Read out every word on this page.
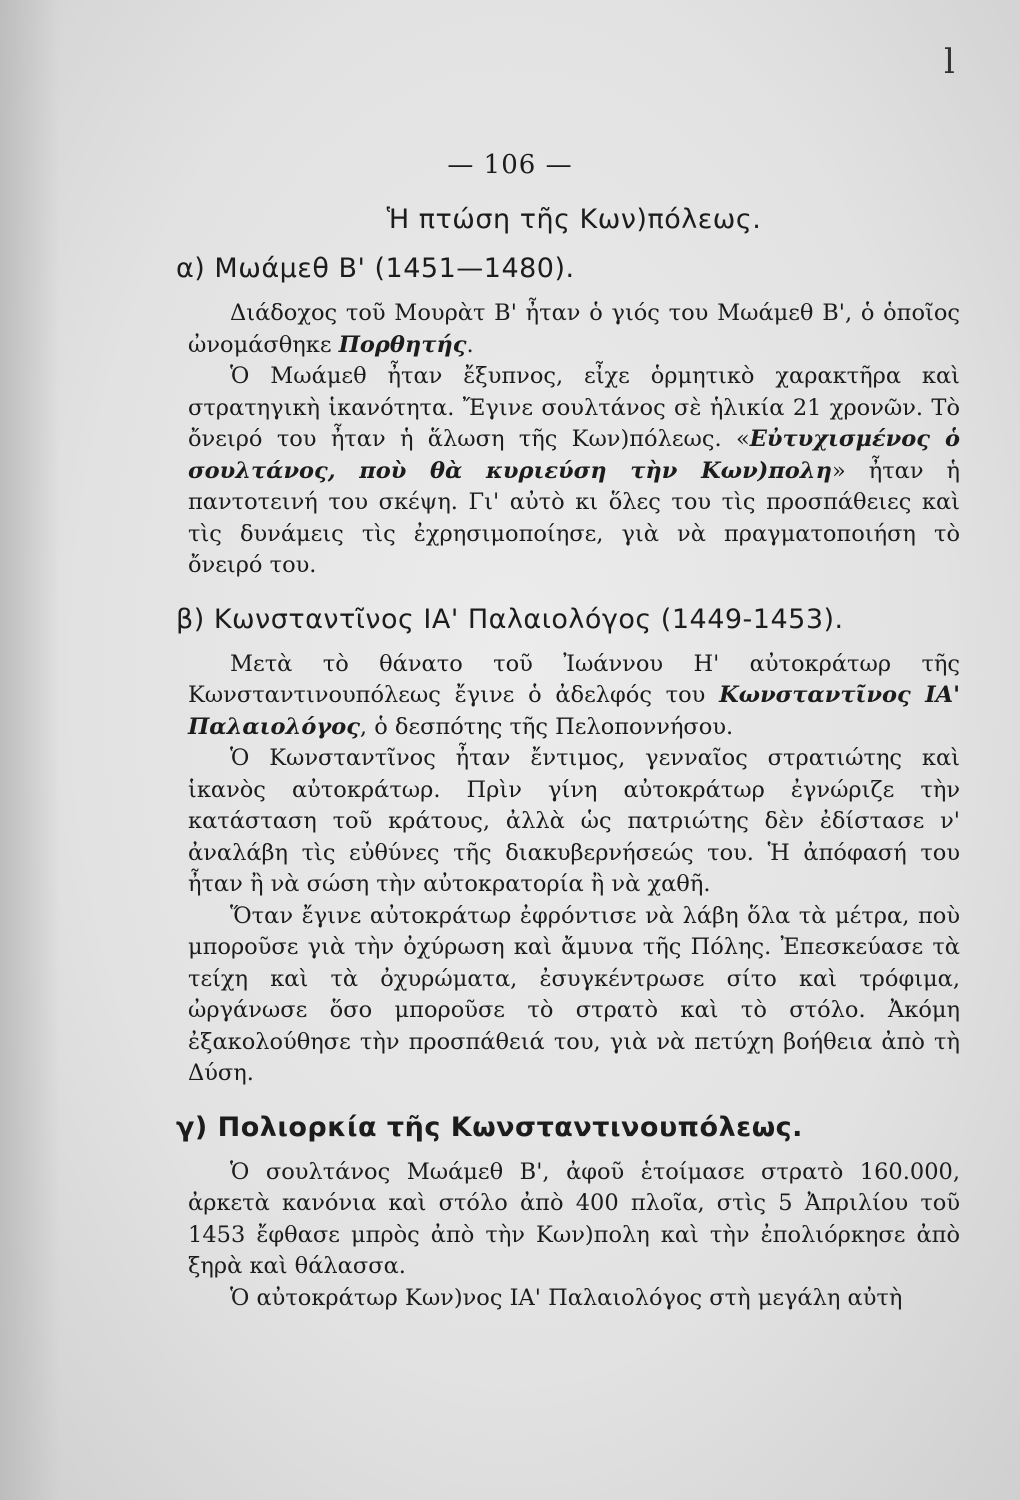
l
— 106 —
Ἡ πτώση τῆς Κων)πόλεως.
α) Μωάμεθ Β' (1451—1480).

Διάδοχος τοῦ Μουρὰτ Β' ἦταν ὁ γιός του Μωάμεθ Β', ὁ ὁποῖος ὠνομάσθηκε Πορθητής.

Ὁ Μωάμεθ ἦταν ἔξυπνος, εἶχε ὁρμητικὸ χαρακτῆρα καὶ στρατηγικὴ ἱκανότητα. Ἔγινε σουλτάνος σὲ ἡλικία 21 χρονῶν. Τὸ ὄνειρό του ἦταν ἡ ἅλωση τῆς Κων)πόλεως. «Εὐτυχισμένος ὁ σουλτάνος, ποὺ θὰ κυριεύση τὴν Κων)πολη» ἦταν ἡ παντοτεινή του σκέψη. Γι' αὐτὸ κι ὅλες του τὶς προσπάθειες καὶ τὶς δυνάμεις τὶς ἐχρησιμοποίησε, γιὰ νὰ πραγματοποιήση τὸ ὄνειρό του.

β) Κωνσταντῖνος ΙΑ' Παλαιολόγος (1449-1453).

Μετὰ τὸ θάνατο τοῦ Ἰωάννου Η' αὐτοκράτωρ τῆς Κωνσταντινουπόλεως ἔγινε ὁ ἀδελφός του Κωνσταντῖνος ΙΑ' Παλαιολόγος, ὁ δεσπότης τῆς Πελοποννήσου.

Ὁ Κωνσταντῖνος ἦταν ἔντιμος, γενναῖος στρατιώτης καὶ ἱκανὸς αὐτοκράτωρ. Πρὶν γίνη αὐτοκράτωρ ἐγνώριζε τὴν κατάσταση τοῦ κράτους, ἀλλὰ ὡς πατριώτης δὲν ἐδίστασε ν' ἀναλάβη τὶς εὐθύνες τῆς διακυβερνήσεώς του. Ἡ ἀπόφασή του ἦταν ἢ νὰ σώση τὴν αὐτοκρατορία ἢ νὰ χαθῆ.

Ὅταν ἔγινε αὐτοκράτωρ ἐφρόντισε νὰ λάβη ὅλα τὰ μέτρα, ποὺ μποροῦσε γιὰ τὴν ὀχύρωση καὶ ἄμυνα τῆς Πόλης. Ἐπεσκεύασε τὰ τείχη καὶ τὰ ὀχυρώματα, ἐσυγκέντρωσε σίτο καὶ τρόφιμα, ὠργάνωσε ὅσο μποροῦσε τὸ στρατὸ καὶ τὸ στόλο. Ἀκόμη ἐξακολούθησε τὴν προσπάθειά του, γιὰ νὰ πετύχη βοήθεια ἀπὸ τὴ Δύση.

γ) Πολιορκία τῆς Κωνσταντινουπόλεως.

Ὁ σουλτάνος Μωάμεθ Β', ἀφοῦ ἑτοίμασε στρατὸ 160.000, ἀρκετὰ κανόνια καὶ στόλο ἀπὸ 400 πλοῖα, στὶς 5 Ἀπριλίου τοῦ 1453 ἔφθασε μπρὸς ἀπὸ τὴν Κων)πολη καὶ τὴν ἐπολιόρκησε ἀπὸ ξηρὰ καὶ θάλασσα.

Ὁ αὐτοκράτωρ Κων)νος ΙΑ' Παλαιολόγος στὴ μεγάλη αὐτὴ
